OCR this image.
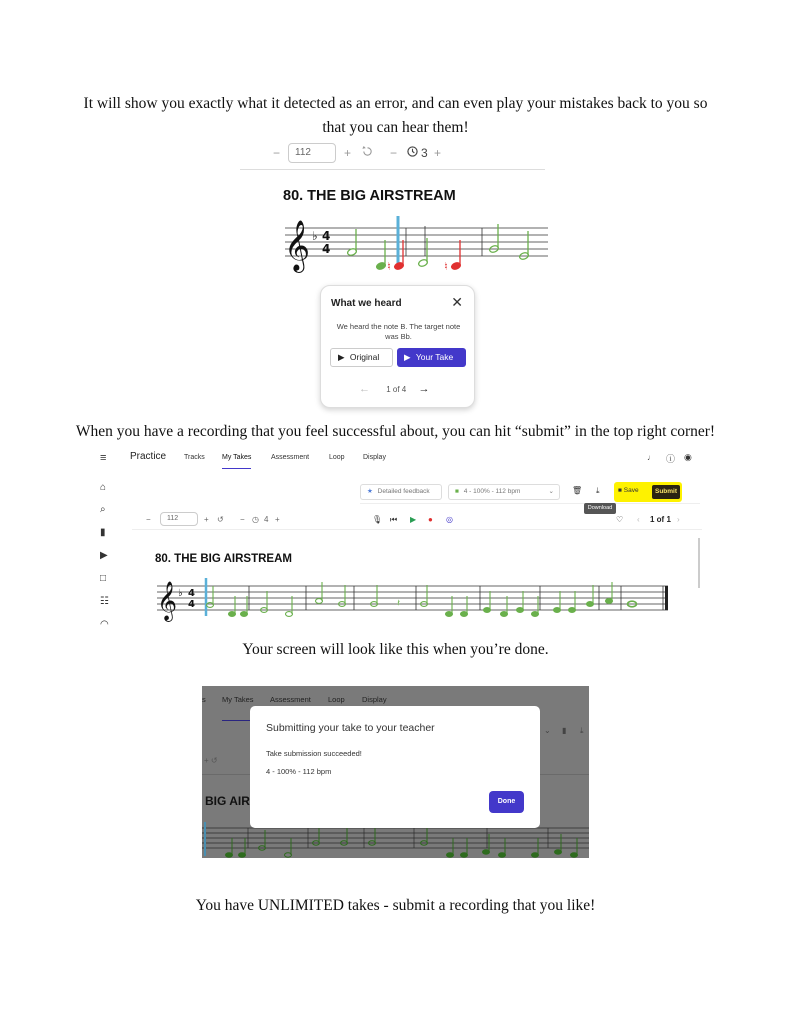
It will show you exactly what it detected as an error, and can even play your mistakes back to you so
that you can hear them!
−	112	+	− 3 +
80. THE BIG AIRSTREAM
𝄞 ♭ 4
4
♮	♮
What we heard	✕
We heard the note B. The target note was Bb.
▶ Original	▶ Your Take
← 1 of 4 →
When you have a recording that you feel successful about, you can hit “submit” in the top right corner!
≡ Practice	Tracks My Takes	Assessment	Loop	Display	♩ ⓘ ◉
⌂
⌕
▮
▶
□
☷
◠
★ Detailed feedback	■ 4 - 100% - 112 bpm	⌄ 🗑 ⤓	■ Save	Submit
Download
−	112	+ ↺ − ◷ 4 +	🎙 ⏮ ▶ ● ◎	♡ ‹ 1 of 1 ›
80. THE BIG AIRSTREAM
𝄞 ♭ 4
4	𝄽
Your screen will look like this when you’re done.
s My Takes Assessment Loop Display
+ ↺
⌄ ▮ ⤓
BIG AIR
Submitting your take to your teacher
Take submission succeeded!
4 - 100% - 112 bpm
Done
You have UNLIMITED takes - submit a recording that you like!
